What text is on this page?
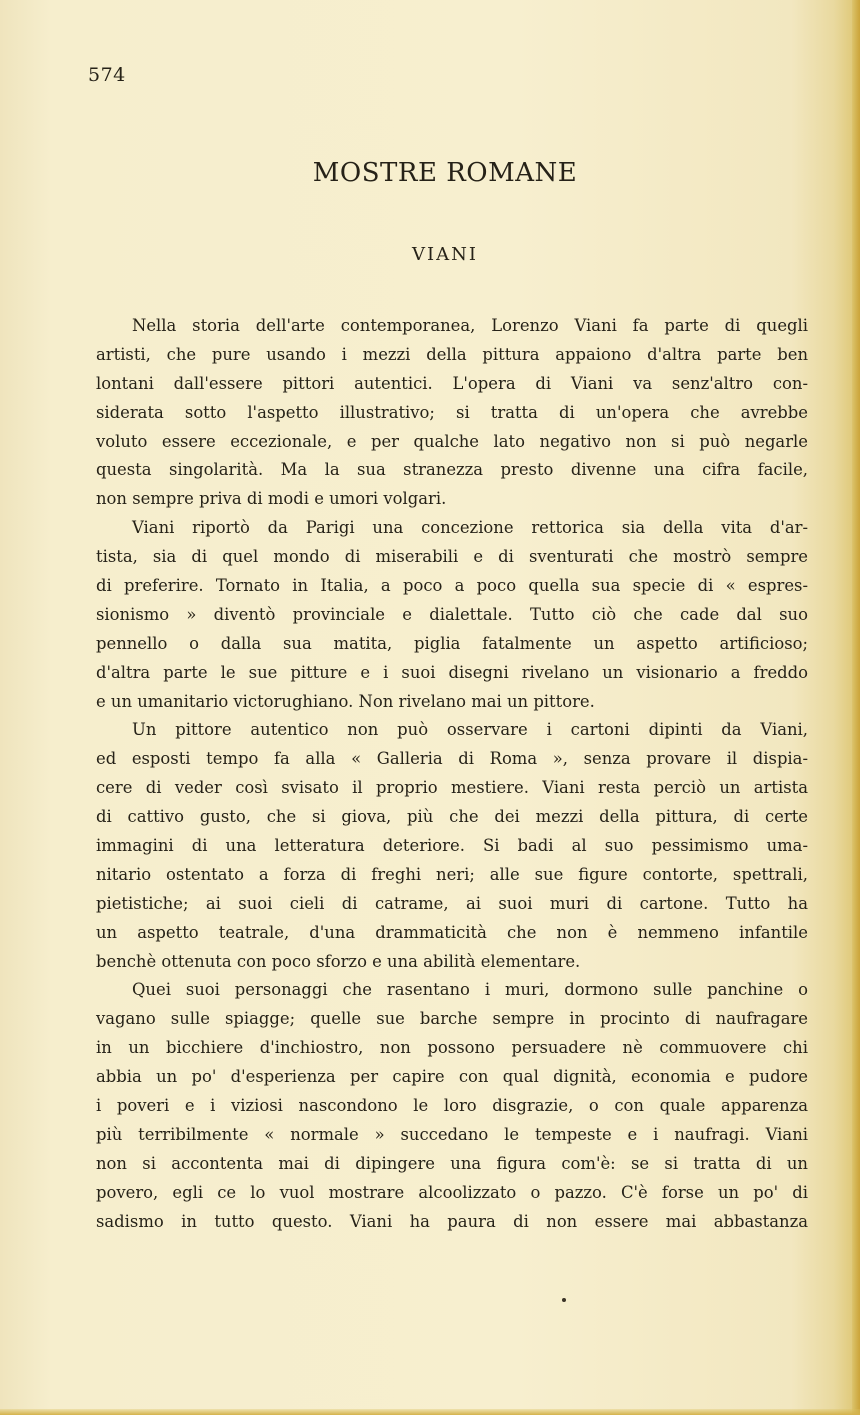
574
MOSTRE ROMANE
VIANI
Nella storia dell'arte contemporanea, Lorenzo Viani fa parte di quegli
artisti, che pure usando i mezzi della pittura appaiono d'altra parte ben
lontani dall'essere pittori autentici. L'opera di Viani va senz'altro con-
siderata sotto l'aspetto illustrativo; si tratta di un'opera che avrebbe
voluto essere eccezionale, e per qualche lato negativo non si può negarle
questa singolarità. Ma la sua stranezza presto divenne una cifra facile,
non sempre priva di modi e umori volgari.
Viani riportò da Parigi una concezione rettorica sia della vita d'ar-
tista, sia di quel mondo di miserabili e di sventurati che mostrò sempre
di preferire. Tornato in Italia, a poco a poco quella sua specie di « espres-
sionismo » diventò provinciale e dialettale. Tutto ciò che cade dal suo
pennello o dalla sua matita, piglia fatalmente un aspetto artificioso;
d'altra parte le sue pitture e i suoi disegni rivelano un visionario a freddo
e un umanitario victorughiano. Non rivelano mai un pittore.
Un pittore autentico non può osservare i cartoni dipinti da Viani,
ed esposti tempo fa alla « Galleria di Roma », senza provare il dispia-
cere di veder così svisato il proprio mestiere. Viani resta perciò un artista
di cattivo gusto, che si giova, più che dei mezzi della pittura, di certe
immagini di una letteratura deteriore. Si badi al suo pessimismo uma-
nitario ostentato a forza di freghi neri; alle sue figure contorte, spettrali,
pietistiche; ai suoi cieli di catrame, ai suoi muri di cartone. Tutto ha
un aspetto teatrale, d'una drammaticità che non è nemmeno infantile
benchè ottenuta con poco sforzo e una abilità elementare.
Quei suoi personaggi che rasentano i muri, dormono sulle panchine o
vagano sulle spiagge; quelle sue barche sempre in procinto di naufragare
in un bicchiere d'inchiostro, non possono persuadere nè commuovere chi
abbia un po' d'esperienza per capire con qual dignità, economia e pudore
i poveri e i viziosi nascondono le loro disgrazie, o con quale apparenza
più terribilmente « normale » succedano le tempeste e i naufragi. Viani
non si accontenta mai di dipingere una figura com'è: se si tratta di un
povero, egli ce lo vuol mostrare alcoolizzato o pazzo. C'è forse un po' di
sadismo in tutto questo. Viani ha paura di non essere mai abbastanza
